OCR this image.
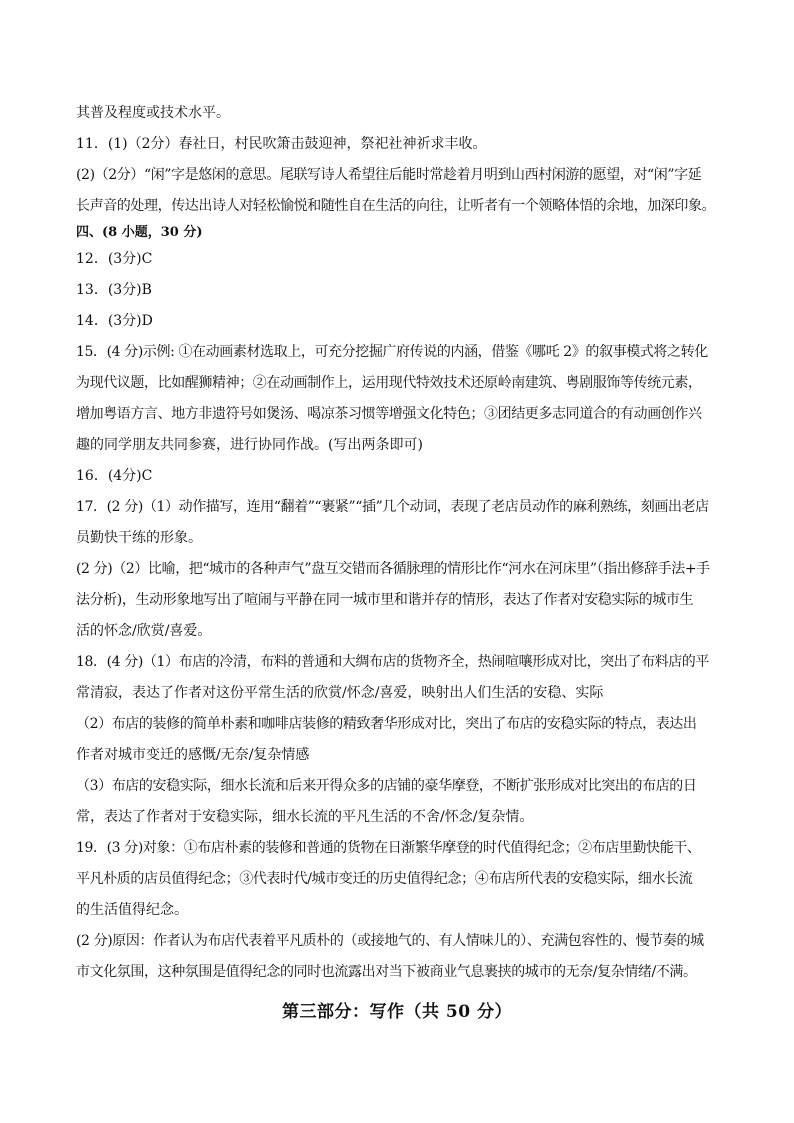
其普及程度或技术水平。
11．(1)（2分）春社日，村民吹箫击鼓迎神，祭祀社神祈求丰收。
(2)（2分）“闲”字是悠闲的意思。尾联写诗人希望往后能时常趁着月明到山西村闲游的愿望，对“闲”字延
长声音的处理，传达出诗人对轻松愉悦和随性自在生活的向往，让听者有一个领略体悟的余地，加深印象。
四、(8 小题，30 分)
12．(3分)C
13．(3分)B
14．(3分)D
15．(4 分)示例: ①在动画素材选取上，可充分挖掘广府传说的内涵，借鉴《哪吒 2》的叙事模式将之转化
为现代议题，比如醒狮精神；②在动画制作上，运用现代特效技术还原岭南建筑、粤剧服饰等传统元素，
增加粤语方言、地方非遗符号如煲汤、喝凉茶习惯等增强文化特色；③团结更多志同道合的有动画创作兴
趣的同学朋友共同参赛，进行协同作战。(写出两条即可)
16．(4分)C
17．(2 分)（1）动作描写，连用“翻着”“裹紧”“插”几个动词，表现了老店员动作的麻利熟练，刻画出老店
员勤快干练的形象。
(2 分)（2）比喻，把“城市的各种声气”盘互交错而各循脉理的情形比作“河水在河床里”（指出修辞手法+手
法分析)，生动形象地写出了喧闹与平静在同一城市里和谐并存的情形，表达了作者对安稳实际的城市生
活的怀念/欣赏/喜爱。
18．(4 分)（1）布店的冷清，布料的普通和大绸布店的货物齐全，热闹喧嚷形成对比，突出了布料店的平
常清寂，表达了作者对这份平常生活的欣赏/怀念/喜爱，映射出人们生活的安稳、实际
（2）布店的装修的简单朴素和咖啡店装修的精致奢华形成对比，突出了布店的安稳实际的特点，表达出
作者对城市变迁的感慨/无奈/复杂情感
（3）布店的安稳实际，细水长流和后来开得众多的店铺的豪华摩登，不断扩张形成对比突出的布店的日
常，表达了作者对于安稳实际，细水长流的平凡生活的不舍/怀念/复杂情。
19．(3 分)对象：①布店朴素的装修和普通的货物在日渐繁华摩登的时代值得纪念；②布店里勤快能干、
平凡朴质的店员值得纪念；③代表时代/城市变迁的历史值得纪念；④布店所代表的安稳实际，细水长流
的生活值得纪念。
(2 分)原因：作者认为布店代表着平凡质朴的（或接地气的、有人情味儿的）、充满包容性的、慢节奏的城
市文化氛围，这种氛围是值得纪念的同时也流露出对当下被商业气息裹挟的城市的无奈/复杂情绪/不满。
第三部分：写作（共 50 分）
